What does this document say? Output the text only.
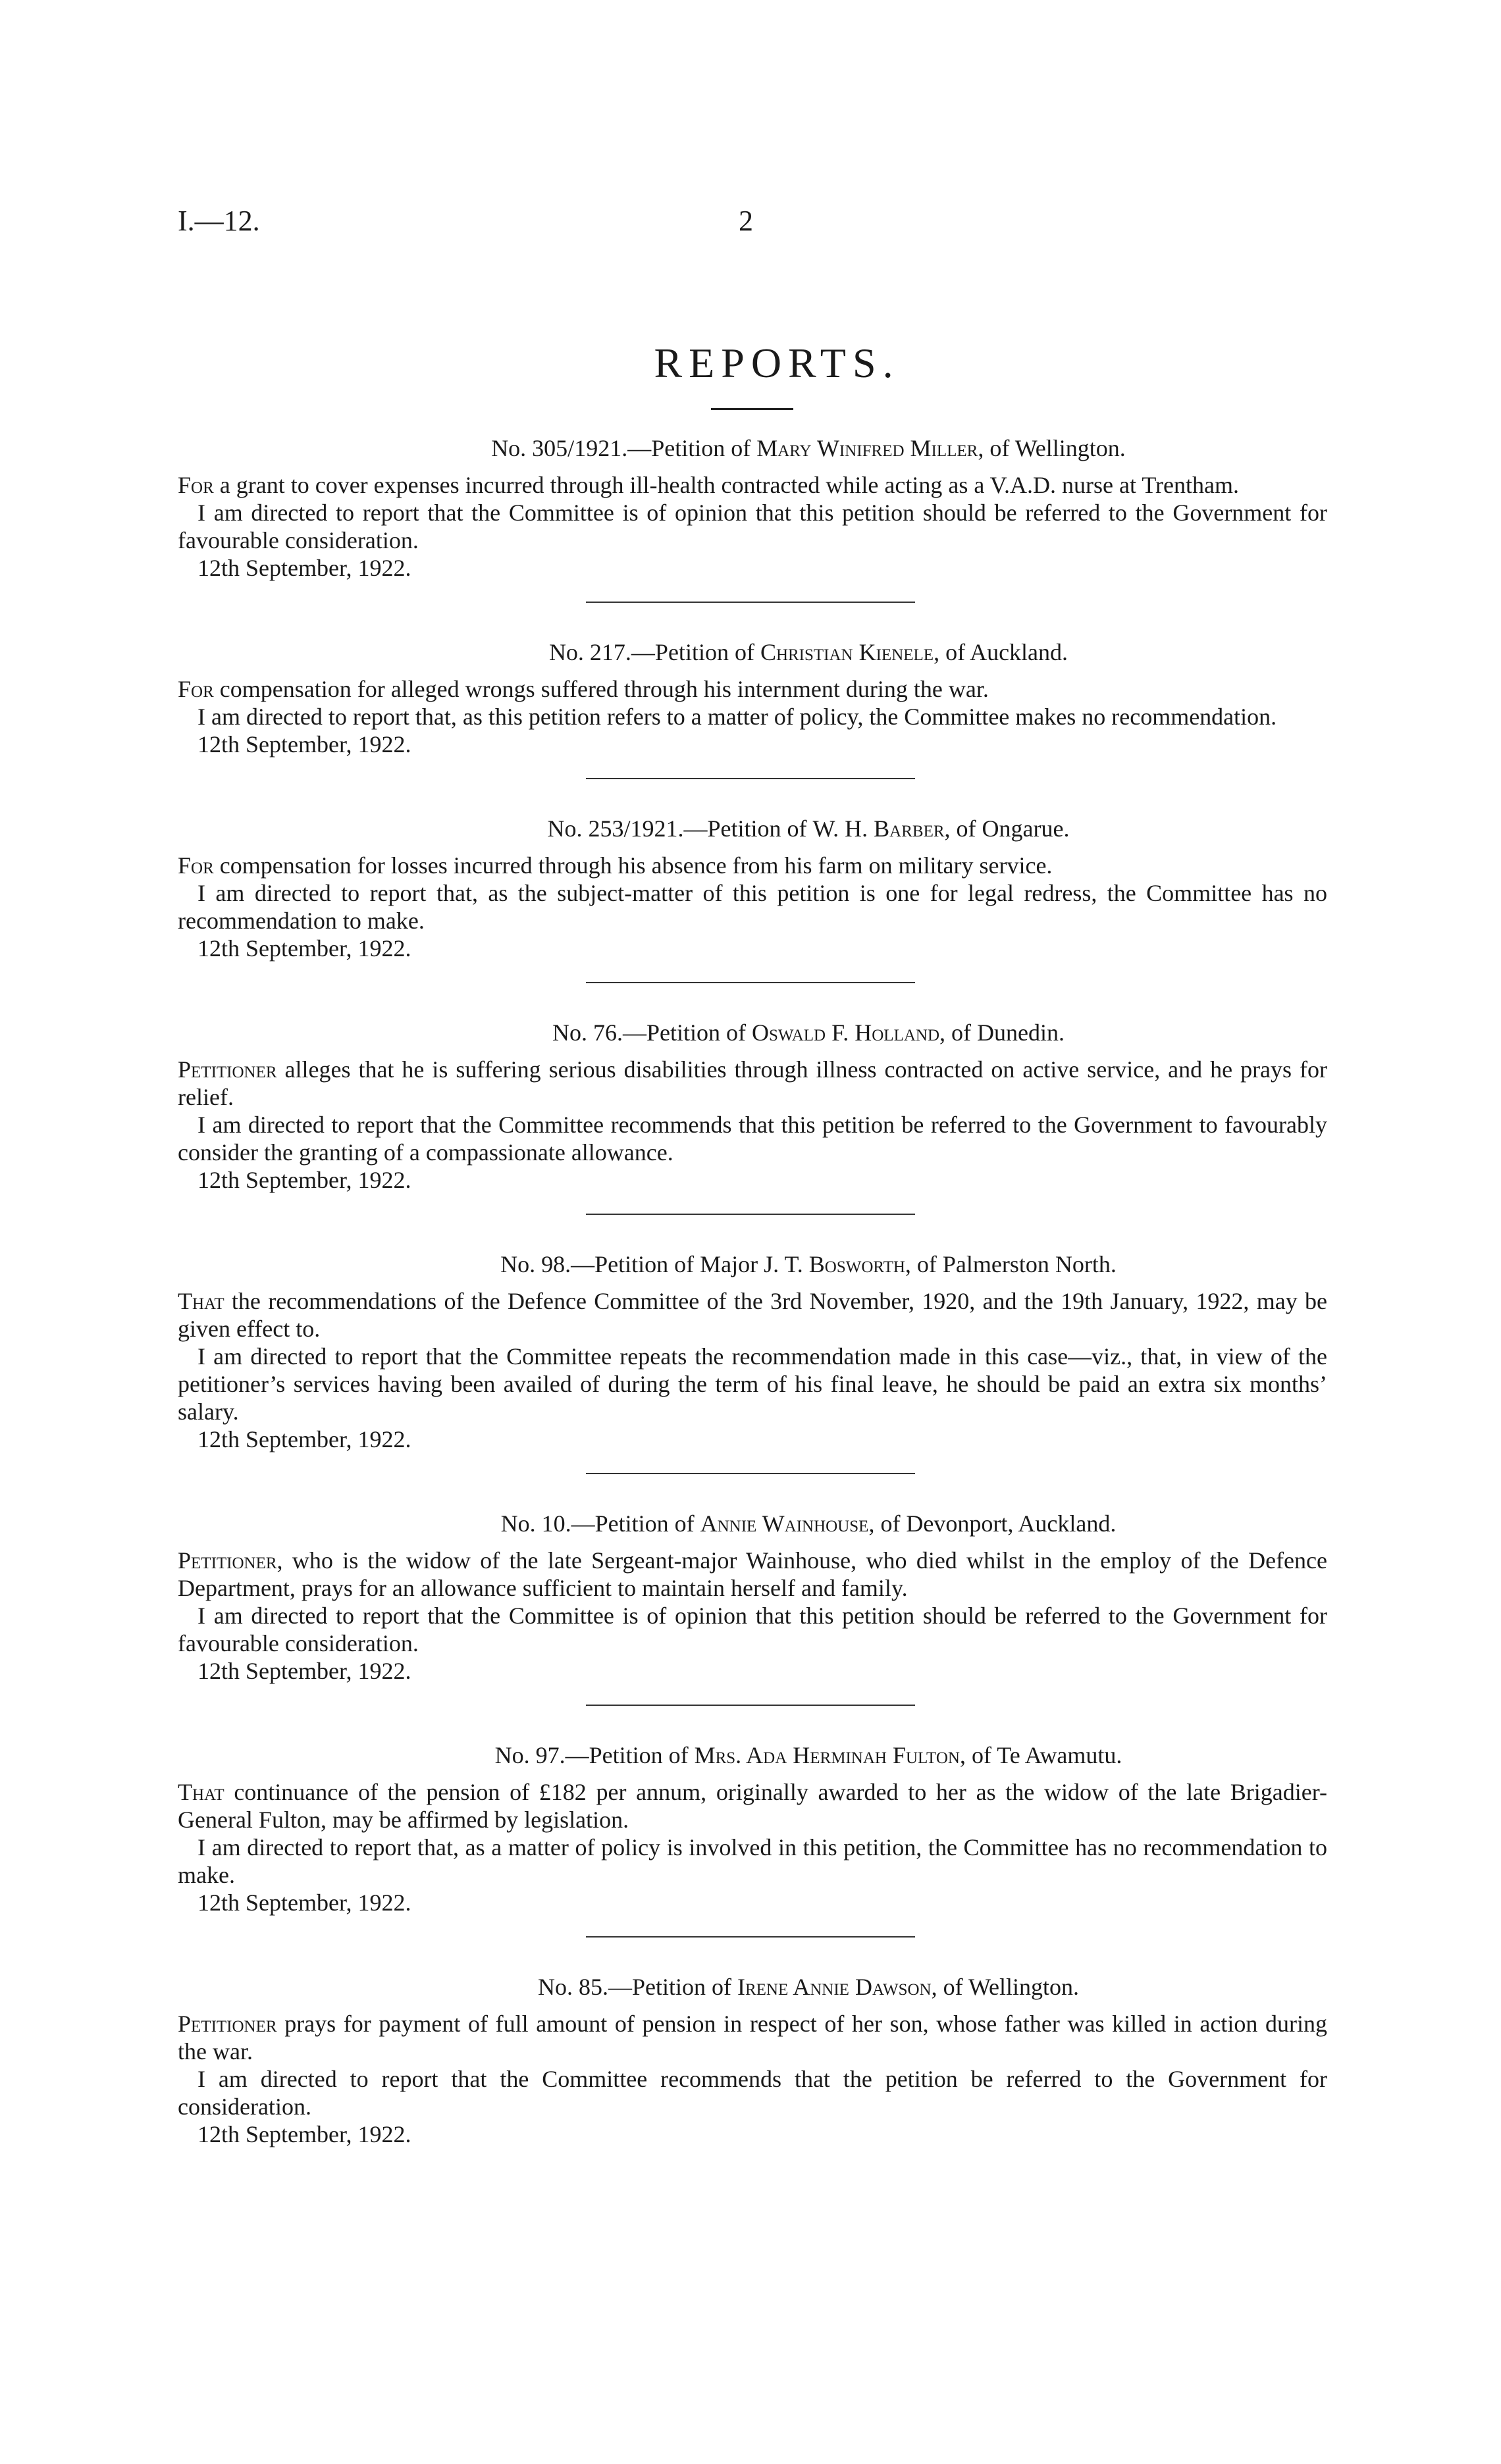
I.—12.	2
REPORTS.
No. 305/1921.—Petition of Mary Winifred Miller, of Wellington.

For a grant to cover expenses incurred through ill-health contracted while acting as a V.A.D. nurse at Trentham.

I am directed to report that the Committee is of opinion that this petition should be referred to the Government for favourable consideration.

12th September, 1922.
No. 217.—Petition of Christian Kienele, of Auckland.

For compensation for alleged wrongs suffered through his internment during the war.

I am directed to report that, as this petition refers to a matter of policy, the Committee makes no recommendation.

12th September, 1922.
No. 253/1921.—Petition of W. H. Barber, of Ongarue.

For compensation for losses incurred through his absence from his farm on military service.

I am directed to report that, as the subject-matter of this petition is one for legal redress, the Committee has no recommendation to make.

12th September, 1922.
No. 76.—Petition of Oswald F. Holland, of Dunedin.

Petitioner alleges that he is suffering serious disabilities through illness contracted on active service, and he prays for relief.

I am directed to report that the Committee recommends that this petition be referred to the Government to favourably consider the granting of a compassionate allowance.

12th September, 1922.
No. 98.—Petition of Major J. T. Bosworth, of Palmerston North.

That the recommendations of the Defence Committee of the 3rd November, 1920, and the 19th January, 1922, may be given effect to.

I am directed to report that the Committee repeats the recommendation made in this case—viz., that, in view of the petitioner’s services having been availed of during the term of his final leave, he should be paid an extra six months’ salary.

12th September, 1922.
No. 10.—Petition of Annie Wainhouse, of Devonport, Auckland.

Petitioner, who is the widow of the late Sergeant-major Wainhouse, who died whilst in the employ of the Defence Department, prays for an allowance sufficient to maintain herself and family.

I am directed to report that the Committee is of opinion that this petition should be referred to the Government for favourable consideration.

12th September, 1922.
No. 97.—Petition of Mrs. Ada Herminah Fulton, of Te Awamutu.

That continuance of the pension of £182 per annum, originally awarded to her as the widow of the late Brigadier-General Fulton, may be affirmed by legislation.

I am directed to report that, as a matter of policy is involved in this petition, the Committee has no recommendation to make.

12th September, 1922.
No. 85.—Petition of Irene Annie Dawson, of Wellington.

Petitioner prays for payment of full amount of pension in respect of her son, whose father was killed in action during the war.

I am directed to report that the Committee recommends that the petition be referred to the Government for consideration.

12th September, 1922.
